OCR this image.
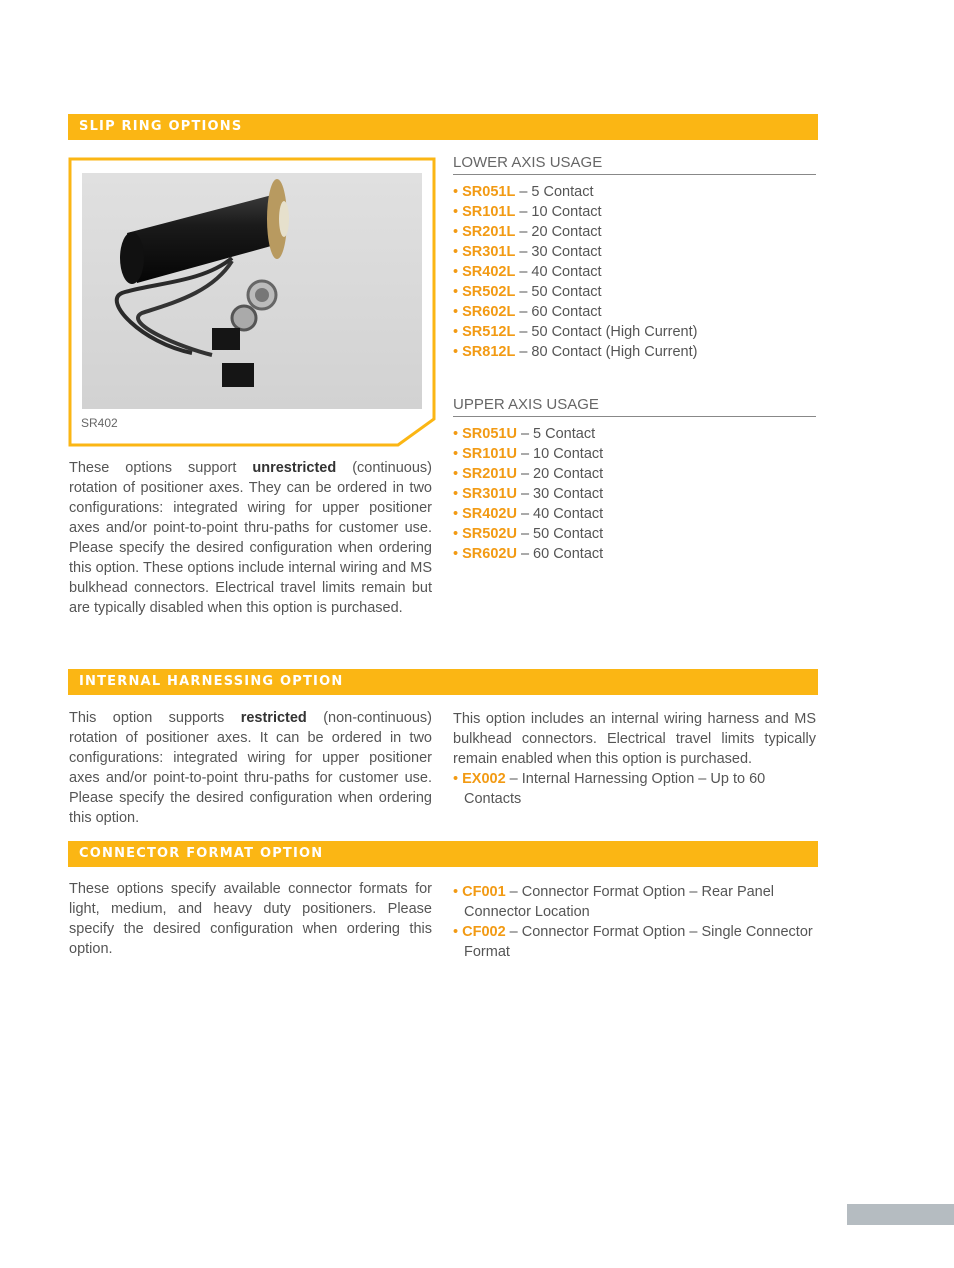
SLIP RING OPTIONS
SR402
These options support unrestricted (continuous) rotation of positioner axes. They can be ordered in two configurations: integrated wiring for upper positioner axes and/or point-to-point thru-paths for customer use. Please specify the desired configuration when ordering this option. These options include internal wiring and MS bulkhead connectors. Electrical travel limits remain but are typically disabled when this option is purchased.
LOWER AXIS USAGE
• SR051L – 5 Contact
• SR101L – 10 Contact
• SR201L – 20 Contact
• SR301L – 30 Contact
• SR402L – 40 Contact
• SR502L – 50 Contact
• SR602L – 60 Contact
• SR512L – 50 Contact (High Current)
• SR812L – 80 Contact (High Current)
UPPER AXIS USAGE
• SR051U – 5 Contact
• SR101U – 10 Contact
• SR201U – 20 Contact
• SR301U – 30 Contact
• SR402U – 40 Contact
• SR502U – 50 Contact
• SR602U – 60 Contact
INTERNAL HARNESSING OPTION
This option supports restricted (non-continuous) rotation of positioner axes. It can be ordered in two configurations: integrated wiring for upper positioner axes and/or point-to-point thru-paths for customer use. Please specify the desired configuration when ordering this option.
This option includes an internal wiring harness and MS bulkhead connectors. Electrical travel limits typically remain enabled when this option is purchased.
• EX002 – Internal Harnessing Option – Up to 60 Contacts
CONNECTOR FORMAT OPTION
These options specify available connector formats for light, medium, and heavy duty positioners. Please specify the desired configuration when ordering this option.
• CF001 – Connector Format Option – Rear Panel Connector Location
• CF002 – Connector Format Option – Single Connector Format
